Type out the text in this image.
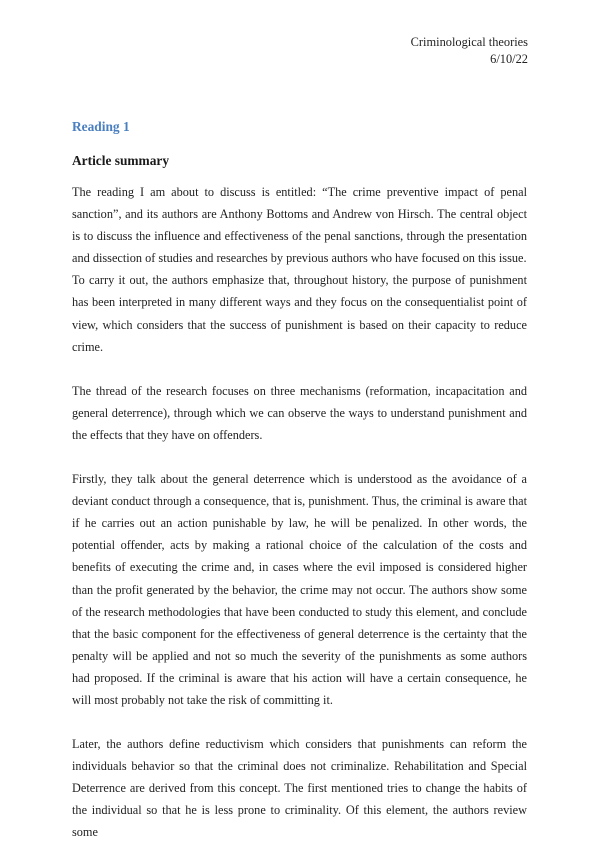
Criminological theories
6/10/22
Reading 1
Article summary

The reading I am about to discuss is entitled: “The crime preventive impact of penal sanction”, and its authors are Anthony Bottoms and Andrew von Hirsch. The central object is to discuss the influence and effectiveness of the penal sanctions, through the presentation and dissection of studies and researches by previous authors who have focused on this issue.

To carry it out, the authors emphasize that, throughout history, the purpose of punishment has been interpreted in many different ways and they focus on the consequentialist point of view, which considers that the success of punishment is based on their capacity to reduce crime.

The thread of the research focuses on three mechanisms (reformation, incapacitation and general deterrence), through which we can observe the ways to understand punishment and the effects that they have on offenders.

Firstly, they talk about the general deterrence which is understood as the avoidance of a deviant conduct through a consequence, that is, punishment. Thus, the criminal is aware that if he carries out an action punishable by law, he will be penalized. In other words, the potential offender, acts by making a rational choice of the calculation of the costs and benefits of executing the crime and, in cases where the evil imposed is considered higher than the profit generated by the behavior, the crime may not occur. The authors show some of the research methodologies that have been conducted to study this element, and conclude that the basic component for the effectiveness of general deterrence is the certainty that the penalty will be applied and not so much the severity of the punishments as some authors had proposed. If the criminal is aware that his action will have a certain consequence, he will most probably not take the risk of committing it.

Later, the authors define reductivism which considers that punishments can reform the individuals behavior so that the criminal does not criminalize. Rehabilitation and Special Deterrence are derived from this concept. The first mentioned tries to change the habits of the individual so that he is less prone to criminality. Of this element, the authors review some
